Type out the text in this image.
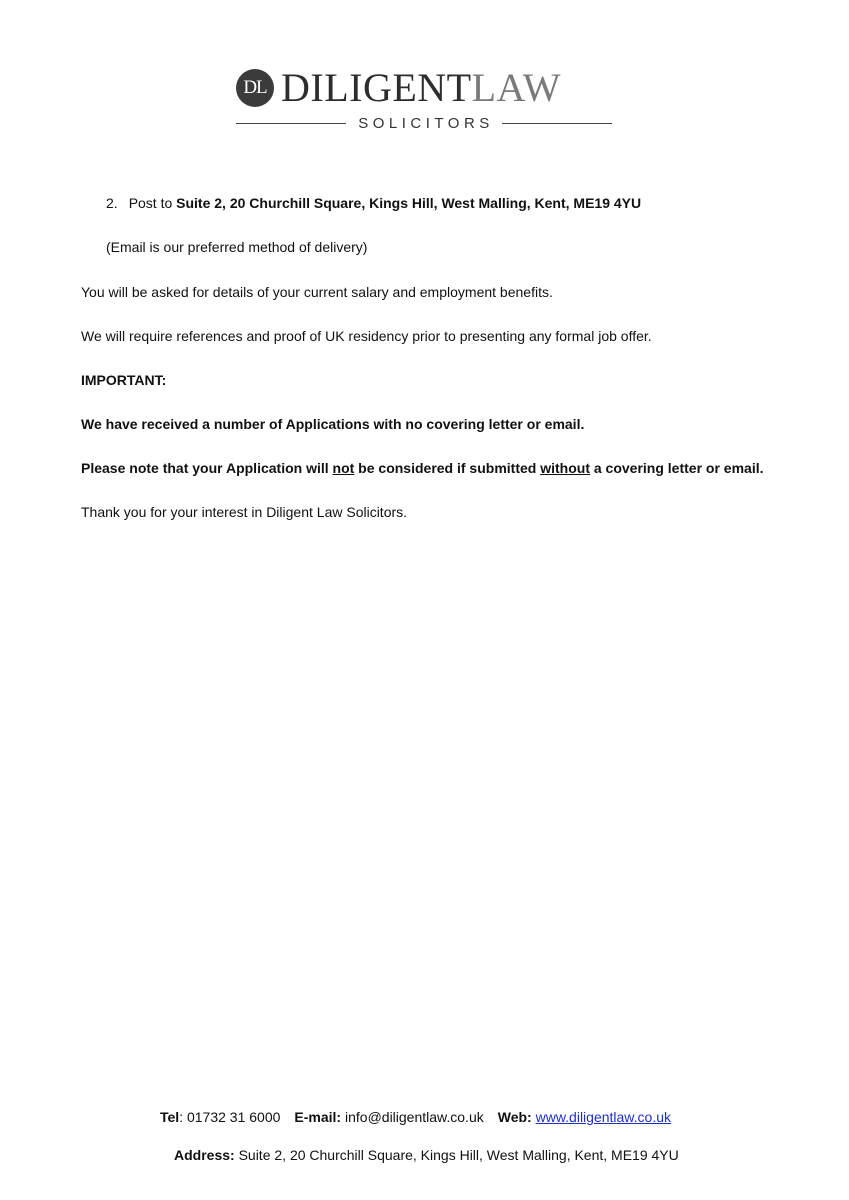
DL DILIGENTLAW
SOLICITORS
2. Post to Suite 2, 20 Churchill Square, Kings Hill, West Malling, Kent, ME19 4YU
(Email is our preferred method of delivery)
You will be asked for details of your current salary and employment benefits.
We will require references and proof of UK residency prior to presenting any formal job offer.
IMPORTANT:
We have received a number of Applications with no covering letter or email.
Please note that your Application will not be considered if submitted without a covering letter or email.
Thank you for your interest in Diligent Law Solicitors.
Tel: 01732 31 6000 E-mail: info@diligentlaw.co.uk Web: www.diligentlaw.co.uk
Address: Suite 2, 20 Churchill Square, Kings Hill, West Malling, Kent, ME19 4YU
